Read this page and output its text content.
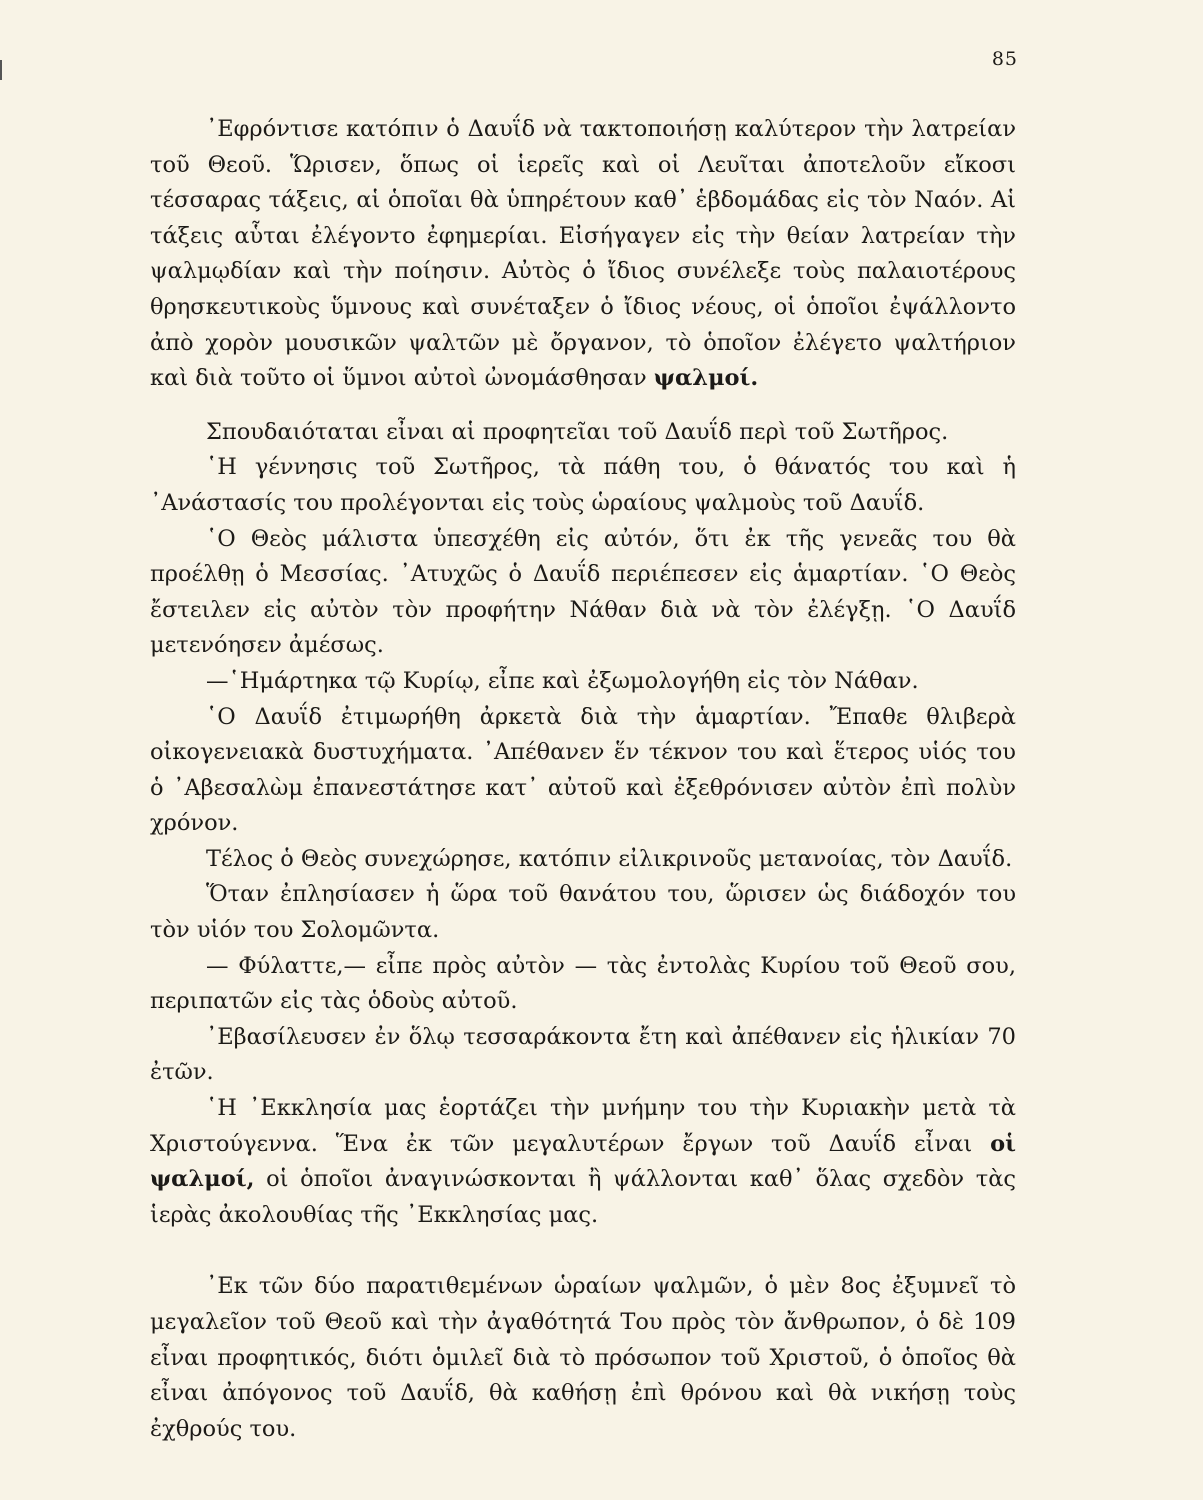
85

᾿Εφρόντισε κατόπιν ὁ Δαυΐδ νὰ τακτοποιήσῃ καλύτερον τὴν λατρείαν τοῦ Θεοῦ. Ὥρισεν, ὅπως οἱ ἱερεῖς καὶ οἱ Λευῖται ἀποτελοῦν εἴκοσι τέσσαρας τάξεις, αἱ ὁποῖαι θὰ ὑπηρέτουν καθ᾿ ἑβδομάδας εἰς τὸν Ναόν. Αἱ τάξεις αὗται ἐλέγοντο ἐφημερίαι. Εἰσήγαγεν εἰς τὴν θείαν λατρείαν τὴν ψαλμῳδίαν καὶ τὴν ποίησιν. Αὐτὸς ὁ ἴδιος συνέλεξε τοὺς παλαιοτέρους θρησκευτικοὺς ὕμνους καὶ συνέταξεν ὁ ἴδιος νέους, οἱ ὁποῖοι ἐψάλλοντο ἀπὸ χορὸν μουσικῶν ψαλτῶν μὲ ὄργανον, τὸ ὁποῖον ἐλέγετο ψαλτήριον καὶ διὰ τοῦτο οἱ ὕμνοι αὐτοὶ ὠνομάσθησαν ψαλμοί.

Σπουδαιόταται εἶναι αἱ προφητεῖαι τοῦ Δαυΐδ περὶ τοῦ Σωτῆρος.

῾Η γέννησις τοῦ Σωτῆρος, τὰ πάθη του, ὁ θάνατός του καὶ ἡ ᾿Ανάστασίς του προλέγονται εἰς τοὺς ὡραίους ψαλμοὺς τοῦ Δαυΐδ.

῾Ο Θεὸς μάλιστα ὑπεσχέθη εἰς αὐτόν, ὅτι ἐκ τῆς γενεᾶς του θὰ προέλθῃ ὁ Μεσσίας. ᾿Ατυχῶς ὁ Δαυΐδ περιέπεσεν εἰς ἁμαρτίαν. ῾Ο Θεὸς ἔστειλεν εἰς αὐτὸν τὸν προφήτην Νάθαν διὰ νὰ τὸν ἐλέγξῃ. ῾Ο Δαυΐδ μετενόησεν ἀμέσως.

—῾Ημάρτηκα τῷ Κυρίῳ, εἶπε καὶ ἐξωμολογήθη εἰς τὸν Νάθαν.

῾Ο Δαυΐδ ἐτιμωρήθη ἀρκετὰ διὰ τὴν ἁμαρτίαν. Ἔπαθε θλιβερὰ οἰκογενειακὰ δυστυχήματα. ᾿Απέθανεν ἕν τέκνον του καὶ ἕτερος υἱός του ὁ ᾿Αβεσαλὼμ ἐπανεστάτησε κατ᾿ αὐτοῦ καὶ ἐξεθρόνισεν αὐτὸν ἐπὶ πολὺν χρόνον.

Τέλος ὁ Θεὸς συνεχώρησε, κατόπιν εἰλικρινοῦς μετανοίας, τὸν Δαυΐδ.

Ὅταν ἐπλησίασεν ἡ ὥρα τοῦ θανάτου του, ὥρισεν ὡς διάδοχόν του τὸν υἱόν του Σολομῶντα.

— Φύλαττε,— εἶπε πρὸς αὐτὸν — τὰς ἐντολὰς Κυρίου τοῦ Θεοῦ σου, περιπατῶν εἰς τὰς ὁδοὺς αὐτοῦ.

᾿Εβασίλευσεν ἐν ὅλῳ τεσσαράκοντα ἔτη καὶ ἀπέθανεν εἰς ἡλικίαν 70 ἐτῶν.

῾Η ᾿Εκκλησία μας ἑορτάζει τὴν μνήμην του τὴν Κυριακὴν μετὰ τὰ Χριστούγεννα. Ἕνα ἐκ τῶν μεγαλυτέρων ἔργων τοῦ Δαυΐδ εἶναι οἱ ψαλμοί, οἱ ὁποῖοι ἀναγινώσκονται ἢ ψάλλονται καθ᾿ ὅλας σχεδὸν τὰς ἱερὰς ἀκολουθίας τῆς ᾿Εκκλησίας μας.

᾿Εκ τῶν δύο παρατιθεμένων ὡραίων ψαλμῶν, ὁ μὲν 8ος ἐξυμνεῖ τὸ μεγαλεῖον τοῦ Θεοῦ καὶ τὴν ἀγαθότητά Του πρὸς τὸν ἄνθρωπον, ὁ δὲ 109 εἶναι προφητικός, διότι ὁμιλεῖ διὰ τὸ πρόσωπον τοῦ Χριστοῦ, ὁ ὁποῖος θὰ εἶναι ἀπόγονος τοῦ Δαυΐδ, θὰ καθήσῃ ἐπὶ θρόνου καὶ θὰ νικήσῃ τοὺς ἐχθρούς του.
